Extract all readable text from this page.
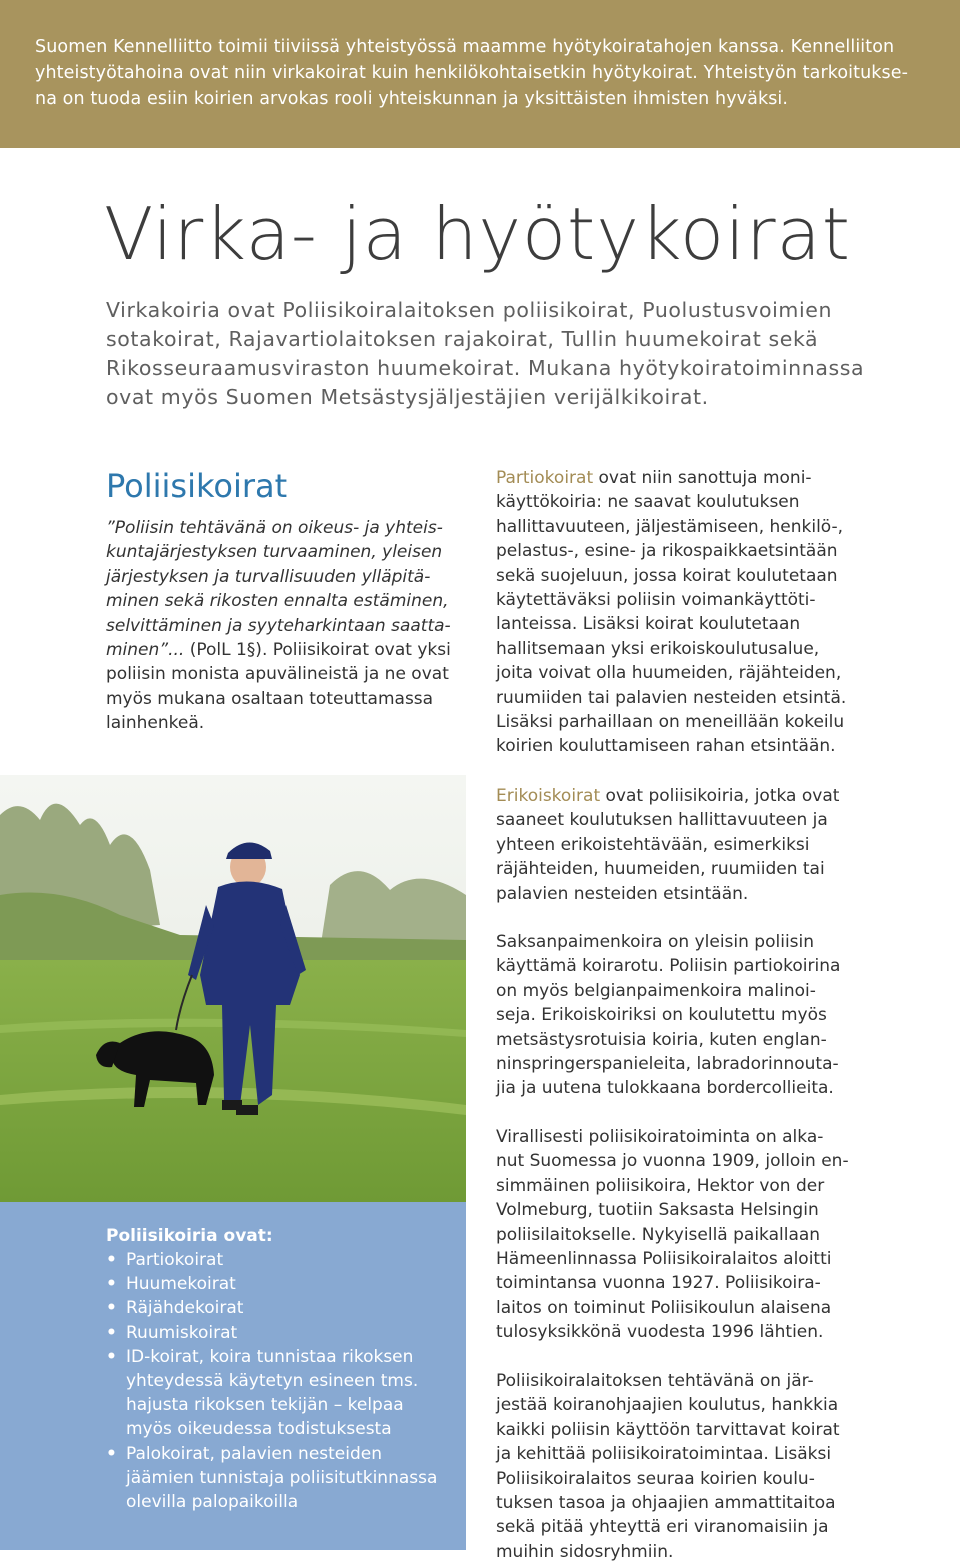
Suomen Kennelliitto toimii tiiviissä yhteistyössä maamme hyötykoiratahojen kanssa. Kennelliiton
yhteistyötahoina ovat niin virkakoirat kuin henkilökohtaisetkin hyötykoirat. Yhteistyön tarkoitukse-
na on tuoda esiin koirien arvokas rooli yhteiskunnan ja yksittäisten ihmisten hyväksi.

Virka- ja hyötykoirat

Virkakoiria ovat Poliisikoiralaitoksen poliisikoirat, Puolustusvoimien
sotakoirat, Rajavartiolaitoksen rajakoirat, Tullin huumekoirat sekä
Rikosseuraamusviraston huumekoirat. Mukana hyötykoiratoiminnassa
ovat myös Suomen Metsästysjäljestäjien verijälkikoirat.

Poliisikoirat

”Poliisin tehtävänä on oikeus- ja yhteis-
kuntajärjestyksen turvaaminen, yleisen
järjestyksen ja turvallisuuden ylläpitä-
minen sekä rikosten ennalta estäminen,
selvittäminen ja syyteharkintaan saatta-
minen”... (PolL 1§). Poliisikoirat ovat yksi
poliisin monista apuvälineistä ja ne ovat
myös mukana osaltaan toteuttamassa
lainhenkeä.

Poliisikoiria ovat:

• Partiokoirat
• Huumekoirat
• Räjähdekoirat
• Ruumiskoirat
• ID-koirat, koira tunnistaa rikoksen
yhteydessä käytetyn esineen tms.
hajusta rikoksen tekijän – kelpaa
myös oikeudessa todistuksesta
• Palokoirat, palavien nesteiden
jäämien tunnistaja poliisitutkinnassa
olevilla palopaikoilla

Partiokoirat ovat niin sanottuja moni-
käyttökoiria: ne saavat koulutuksen
hallittavuuteen, jäljestämiseen, henkilö-,
pelastus-, esine- ja rikospaikkaetsintään
sekä suojeluun, jossa koirat koulutetaan
käytettäväksi poliisin voimankäyttöti-
lanteissa. Lisäksi koirat koulutetaan
hallitsemaan yksi erikoiskoulutusalue,
joita voivat olla huumeiden, räjähteiden,
ruumiiden tai palavien nesteiden etsintä.
Lisäksi parhaillaan on meneillään kokeilu
koirien kouluttamiseen rahan etsintään.

Erikoiskoirat ovat poliisikoiria, jotka ovat
saaneet koulutuksen hallittavuuteen ja
yhteen erikoistehtävään, esimerkiksi
räjähteiden, huumeiden, ruumiiden tai
palavien nesteiden etsintään.

Saksanpaimenkoira on yleisin poliisin
käyttämä koirarotu. Poliisin partiokoirina
on myös belgianpaimenkoira malinoi-
seja. Erikoiskoiriksi on koulutettu myös
metsästysrotuisia koiria, kuten englan-
ninspringerspanieleita, labradorinnouta-
jia ja uutena tulokkaana bordercollieita.

Virallisesti poliisikoiratoiminta on alka-
nut Suomessa jo vuonna 1909, jolloin en-
simmäinen poliisikoira, Hektor von der
Volmeburg, tuotiin Saksasta Helsingin
poliisilaitokselle. Nykyisellä paikallaan
Hämeenlinnassa Poliisikoiralaitos aloitti
toimintansa vuonna 1927. Poliisikoira-
laitos on toiminut Poliisikoulun alaisena
tulosyksikkönä vuodesta 1996 lähtien.

Poliisikoiralaitoksen tehtävänä on jär-
jestää koiranohjaajien koulutus, hankkia
kaikki poliisin käyttöön tarvittavat koirat
ja kehittää poliisikoiratoimintaa. Lisäksi
Poliisikoiralaitos seuraa koirien koulu-
tuksen tasoa ja ohjaajien ammattitaitoa
sekä pitää yhteyttä eri viranomaisiin ja
muihin sidosryhmiin.
